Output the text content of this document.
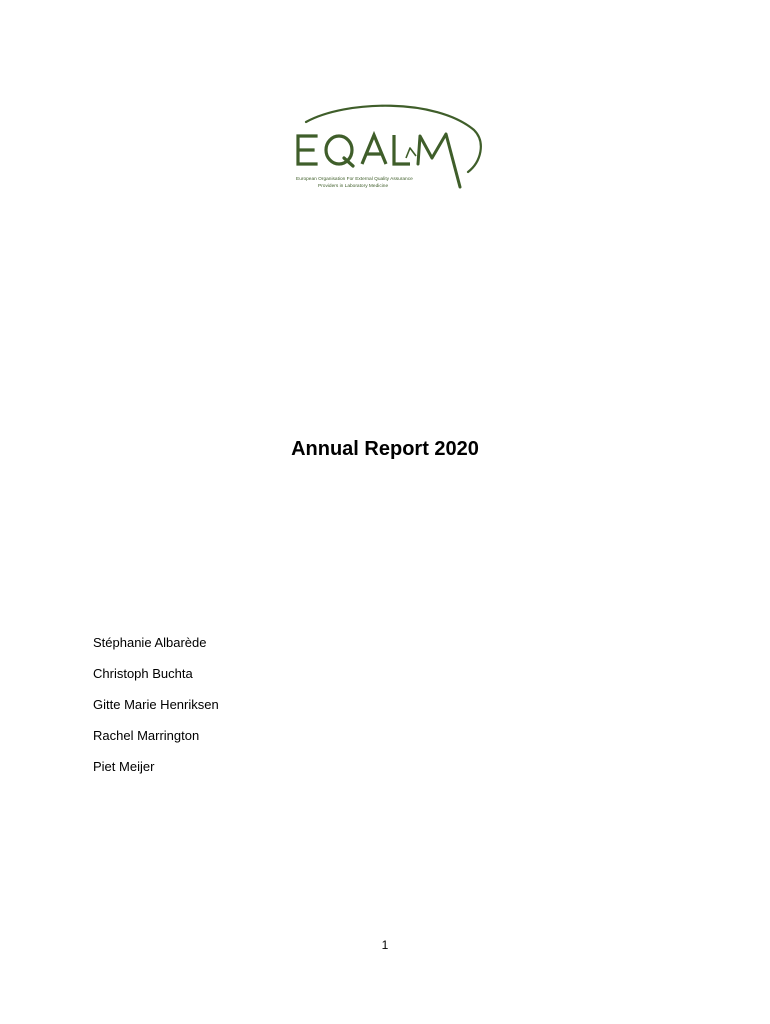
European Organisation For External Quality Assurance
Providers in Laboratory Medicine
Annual Report 2020
Stéphanie Albarède
Christoph Buchta
Gitte Marie Henriksen
Rachel Marrington
Piet Meijer
1
